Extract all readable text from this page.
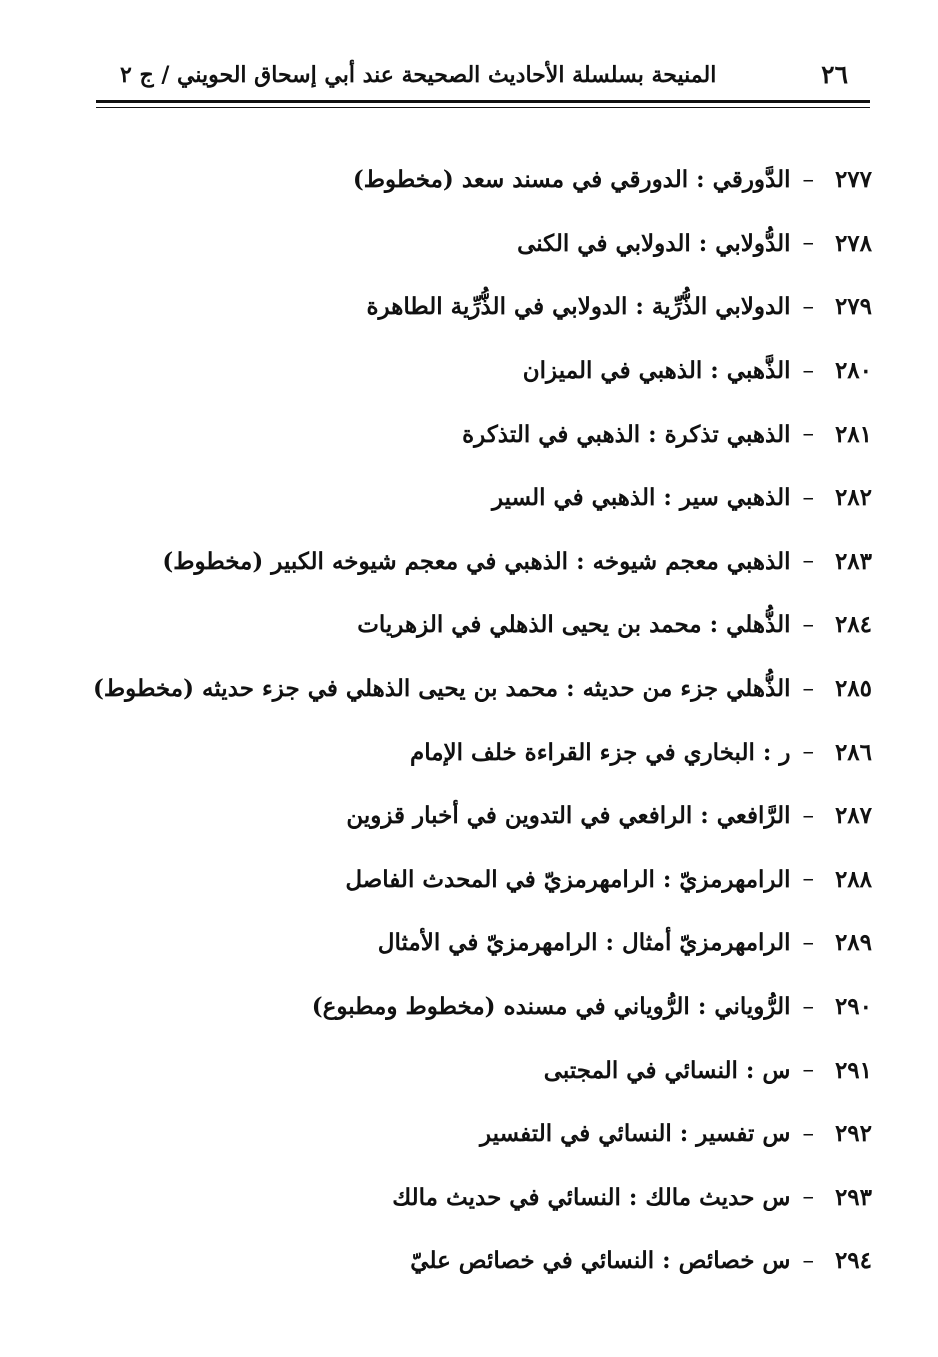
٢٦
المنيحة بسلسلة الأحاديث الصحيحة عند أبي إسحاق الحويني / ج ٢
٢٧٧
–
الدَّورقي : الدورقي في مسند سعد (مخطوط)
٢٧٨
–
الدُّولابي : الدولابي في الكنى
٢٧٩
–
الدولابي الذُّرِّية : الدولابي في الذُّرِّية الطاهرة
٢٨٠
–
الذَّهبي : الذهبي في الميزان
٢٨١
–
الذهبي تذكرة : الذهبي في التذكرة
٢٨٢
–
الذهبي سير : الذهبي في السير
٢٨٣
–
الذهبي معجم شيوخه : الذهبي في معجم شيوخه الكبير (مخطوط)
٢٨٤
–
الذُّهلي : محمد بن يحيى الذهلي في الزهريات
٢٨٥
–
الذُّهلي جزء من حديثه : محمد بن يحيى الذهلي في جزء حديثه (مخطوط)
٢٨٦
–
ر : البخاري في جزء القراءة خلف الإمام
٢٨٧
–
الرَّافعي : الرافعي في التدوين في أخبار قزوين
٢٨٨
–
الرامهرمزيّ : الرامهرمزيّ في المحدث الفاصل
٢٨٩
–
الرامهرمزيّ أمثال : الرامهرمزيّ في الأمثال
٢٩٠
–
الرُّوياني : الرُّوياني في مسنده (مخطوط ومطبوع)
٢٩١
–
س : النسائي في المجتبى
٢٩٢
–
س تفسير : النسائي في التفسير
٢٩٣
–
س حديث مالك : النسائي في حديث مالك
٢٩٤
–
س خصائص : النسائي في خصائص عليّ
